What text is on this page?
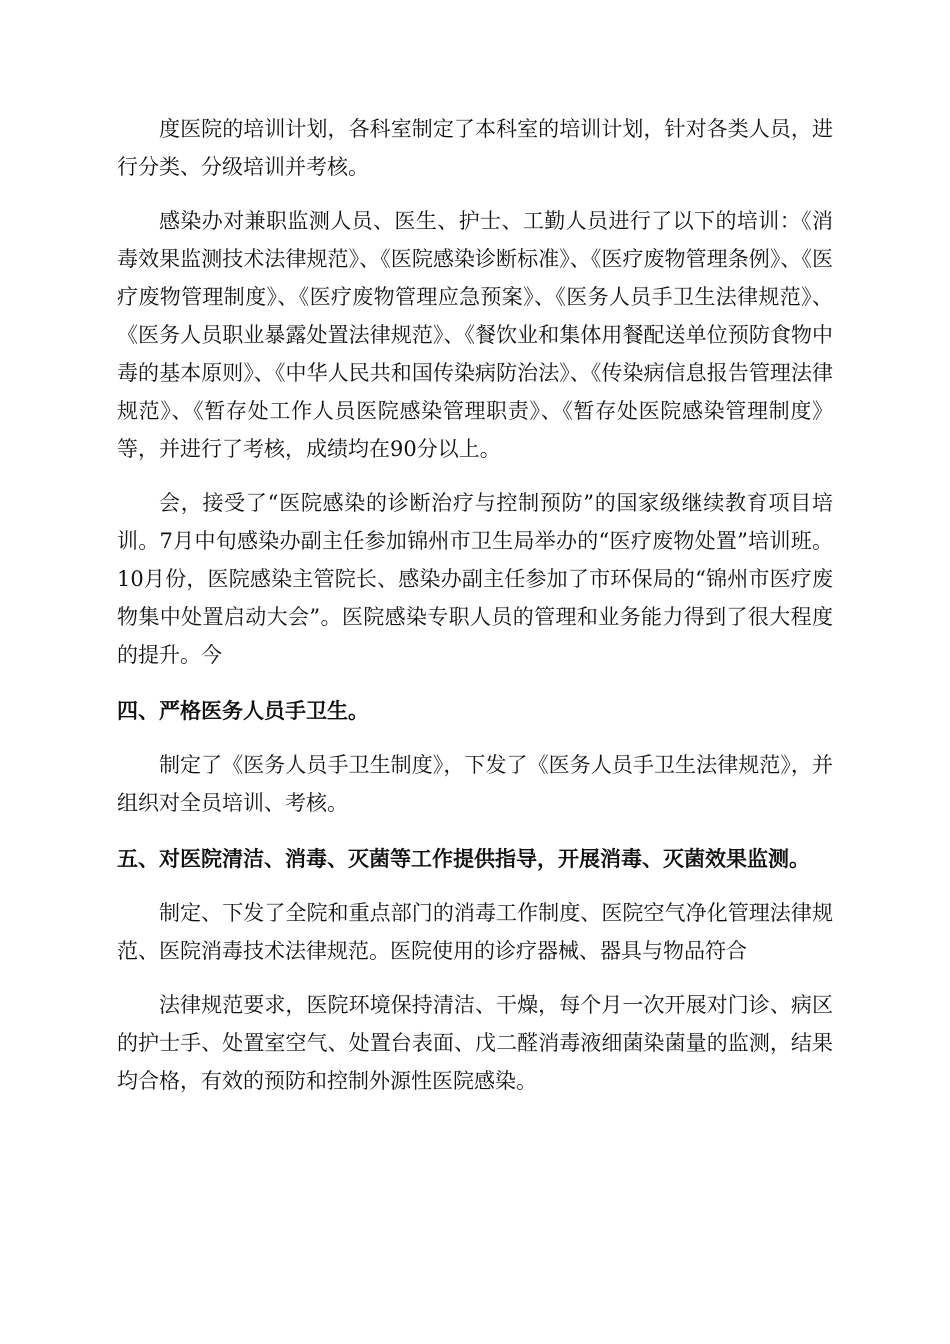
度医院的培训计划，各科室制定了本科室的培训计划，针对各类人员，进行分类、分级培训并考核。

感染办对兼职监测人员、医生、护士、工勤人员进行了以下的培训：《消毒效果监测技术法律规范》、《医院感染诊断标准》、《医疗废物管理条例》、《医疗废物管理制度》、《医疗废物管理应急预案》、《医务人员手卫生法律规范》、《医务人员职业暴露处置法律规范》、《餐饮业和集体用餐配送单位预防食物中毒的基本原则》、《中华人民共和国传染病防治法》、《传染病信息报告管理法律规范》、《暂存处工作人员医院感染管理职责》、《暂存处医院感染管理制度》等，并进行了考核，成绩均在90分以上。

会，接受了“医院感染的诊断治疗与控制预防”的国家级继续教育项目培训。7月中旬感染办副主任参加锦州市卫生局举办的“医疗废物处置”培训班。10月份，医院感染主管院长、感染办副主任参加了市环保局的“锦州市医疗废物集中处置启动大会”。医院感染专职人员的管理和业务能力得到了很大程度的提升。今

四、严格医务人员手卫生。

制定了《医务人员手卫生制度》，下发了《医务人员手卫生法律规范》，并组织对全员培训、考核。

五、对医院清洁、消毒、灭菌等工作提供指导，开展消毒、灭菌效果监测。

制定、下发了全院和重点部门的消毒工作制度、医院空气净化管理法律规范、医院消毒技术法律规范。医院使用的诊疗器械、器具与物品符合

法律规范要求，医院环境保持清洁、干燥，每个月一次开展对门诊、病区的护士手、处置室空气、处置台表面、戊二醛消毒液细菌染菌量的监测，结果均合格，有效的预防和控制外源性医院感染。
